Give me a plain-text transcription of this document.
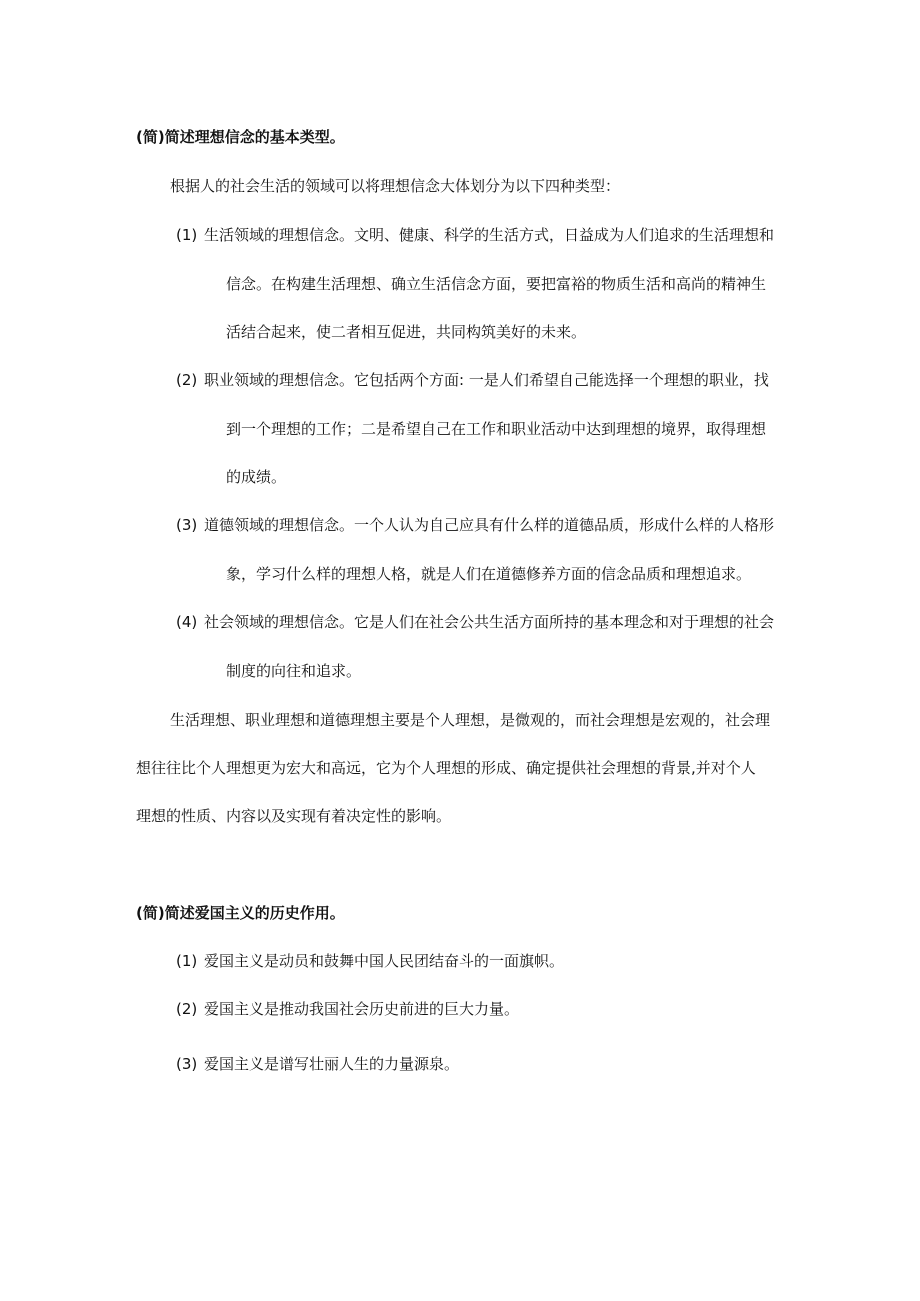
(简)简述理想信念的基本类型。
根据人的社会生活的领域可以将理想信念大体划分为以下四种类型：
(1) 生活领域的理想信念。文明、健康、科学的生活方式，日益成为人们追求的生活理想和
信念。在构建生活理想、确立生活信念方面，要把富裕的物质生活和高尚的精神生
活结合起来，使二者相互促进，共同构筑美好的未来。
(2) 职业领域的理想信念。它包括两个方面: 一是人们希望自己能选择一个理想的职业，找
到一个理想的工作；二是希望自己在工作和职业活动中达到理想的境界，取得理想
的成绩。
(3) 道德领域的理想信念。一个人认为自己应具有什么样的道德品质，形成什么样的人格形
象，学习什么样的理想人格，就是人们在道德修养方面的信念品质和理想追求。
(4) 社会领域的理想信念。它是人们在社会公共生活方面所持的基本理念和对于理想的社会
制度的向往和追求。
生活理想、职业理想和道德理想主要是个人理想，是微观的，而社会理想是宏观的，社会理
想往往比个人理想更为宏大和高远，它为个人理想的形成、确定提供社会理想的背景,并对个人
理想的性质、内容以及实现有着决定性的影响。
(简)简述爱国主义的历史作用。
(1) 爱国主义是动员和鼓舞中国人民团结奋斗的一面旗帜。
(2) 爱国主义是推动我国社会历史前进的巨大力量。
(3) 爱国主义是谱写壮丽人生的力量源泉。
